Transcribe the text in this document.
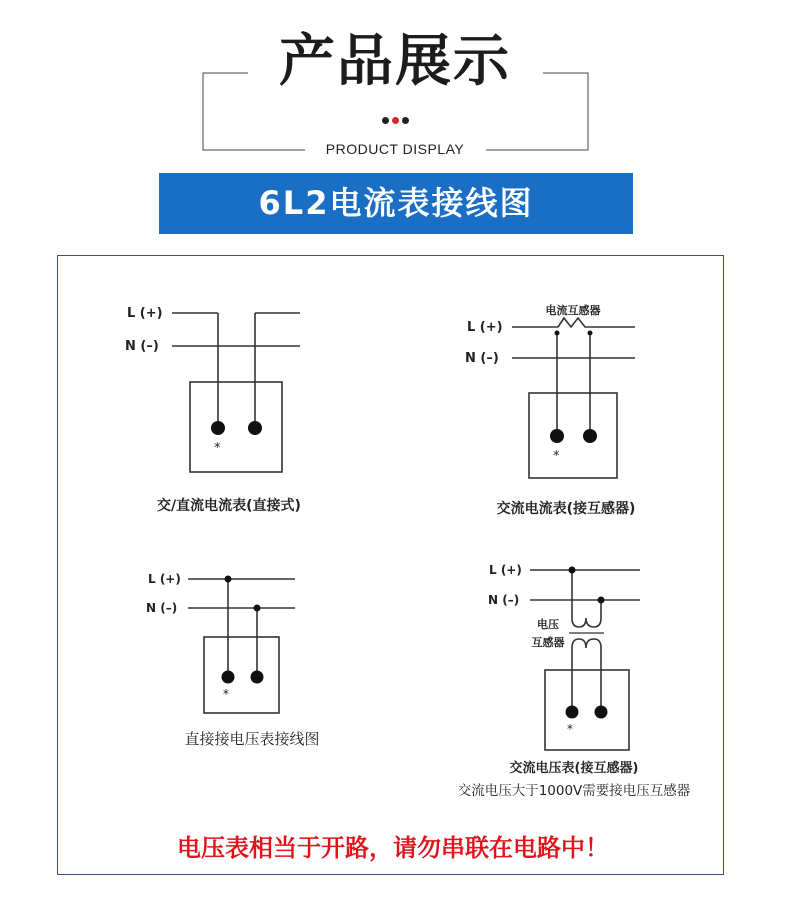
产品展示
PRODUCT DISPLAY
6L2电流表接线图
L (+)
N (–)
*
交/直流电流表(直接式)
电流互感器
L (+)
N (–)
*
交流电流表(接互感器)
L (+)
N (–)
*
直接接电压表接线图
L (+)
N (–)
电压
互感器
*
交流电压表(接互感器)
交流电压大于1000V需要接电压互感器
电压表相当于开路，请勿串联在电路中！
